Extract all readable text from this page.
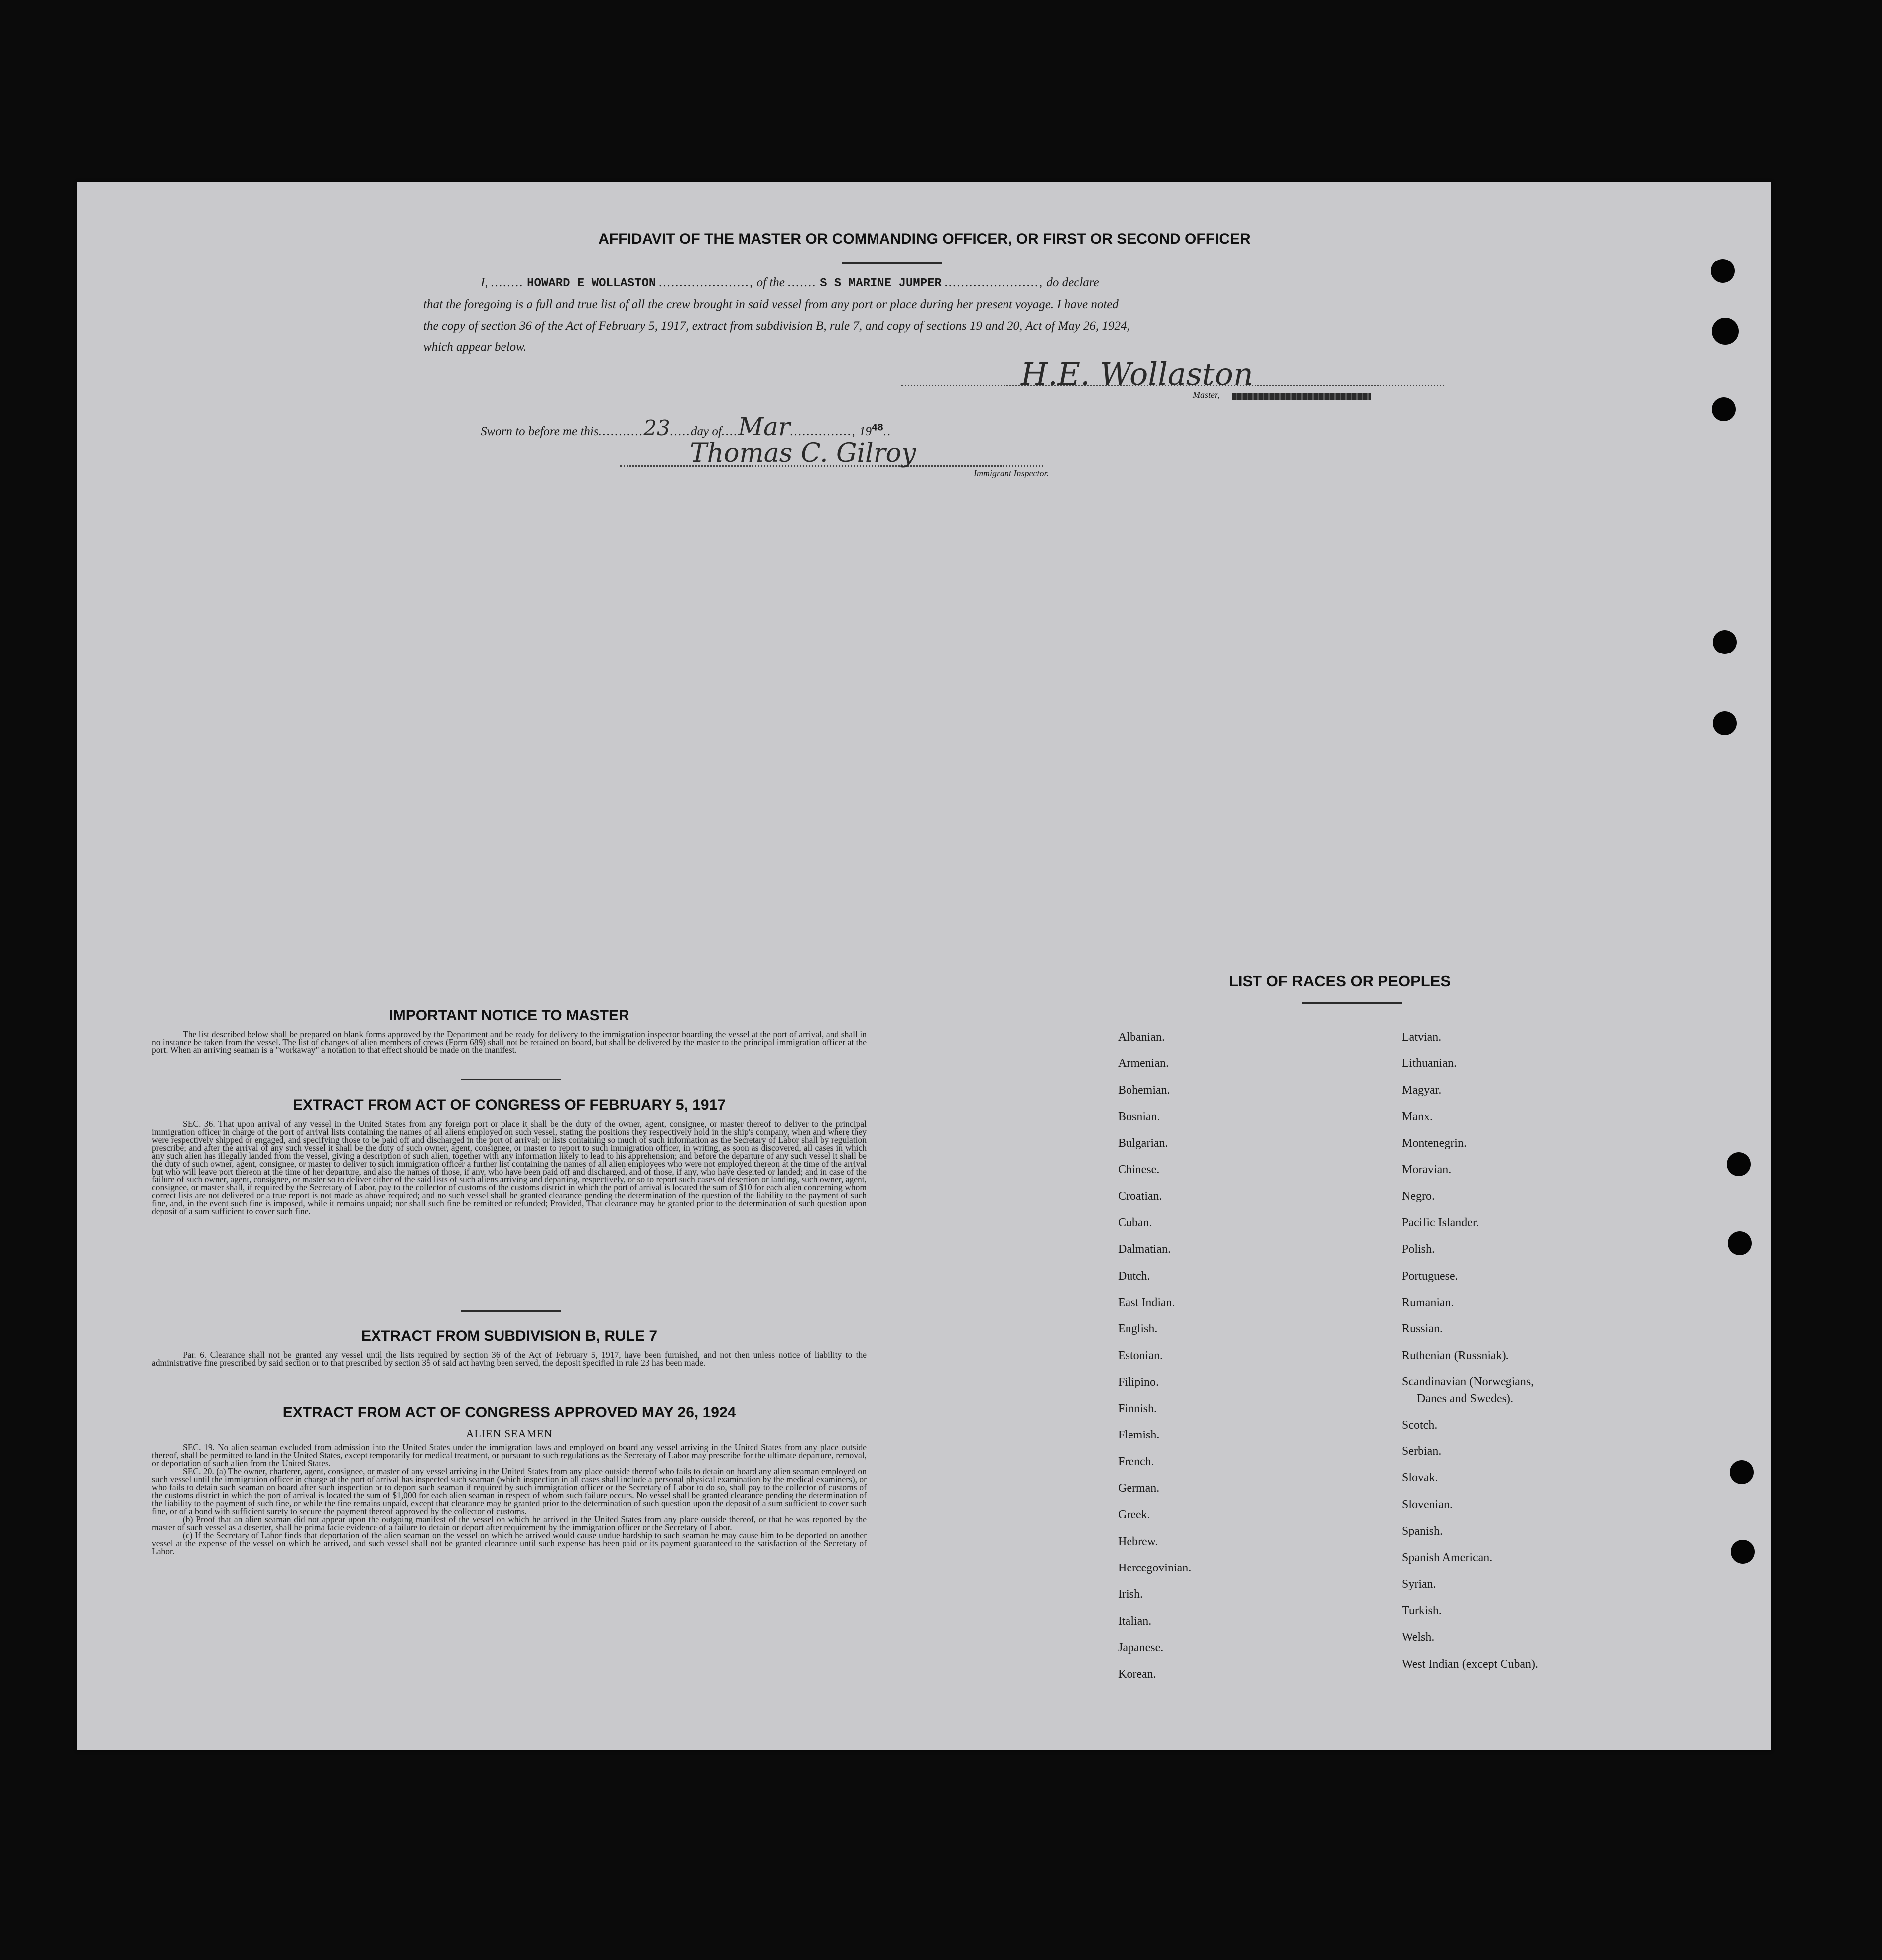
AFFIDAVIT OF THE MASTER OR COMMANDING OFFICER, OR FIRST OR SECOND OFFICER
I, ........ HOWARD E WOLLASTON ......................, of the ....... S S MARINE JUMPER ......................., do declare
that the foregoing is a full and true list of all the crew brought in said vessel from any port or place during her present voyage. I have noted
the copy of section 36 of the Act of February 5, 1917, extract from subdivision B, rule 7, and copy of sections 19 and 20, Act of May 26, 1924,
which appear below.
H.E. Wollaston
Master,
Sworn to before me this...........23.....day of....Mar..............., $19^{48}$..
Thomas C. Gilroy
Immigrant Inspector.
IMPORTANT NOTICE TO MASTER

The list described below shall be prepared on blank forms approved by the Department and be ready for delivery to the immigration inspector boarding the vessel at the port of arrival, and shall in no instance be taken from the vessel. The list of changes of alien members of crews (Form 689) shall not be retained on board, but shall be delivered by the master to the principal immigration officer at the port. When an arriving seaman is a "workaway" a notation to that effect should be made on the manifest.

EXTRACT FROM ACT OF CONGRESS OF FEBRUARY 5, 1917

SEC. 36. That upon arrival of any vessel in the United States from any foreign port or place it shall be the duty of the owner, agent, consignee, or master thereof to deliver to the principal immigration officer in charge of the port of arrival lists containing the names of all aliens employed on such vessel, stating the positions they respectively hold in the ship's company, when and where they were respectively shipped or engaged, and specifying those to be paid off and discharged in the port of arrival; or lists containing so much of such information as the Secretary of Labor shall by regulation prescribe; and after the arrival of any such vessel it shall be the duty of such owner, agent, consignee, or master to report to such immigration officer, in writing, as soon as discovered, all cases in which any such alien has illegally landed from the vessel, giving a description of such alien, together with any information likely to lead to his apprehension; and before the departure of any such vessel it shall be the duty of such owner, agent, consignee, or master to deliver to such immigration officer a further list containing the names of all alien employees who were not employed thereon at the time of the arrival but who will leave port thereon at the time of her departure, and also the names of those, if any, who have been paid off and discharged, and of those, if any, who have deserted or landed; and in case of the failure of such owner, agent, consignee, or master so to deliver either of the said lists of such aliens arriving and departing, respectively, or so to report such cases of desertion or landing, such owner, agent, consignee, or master shall, if required by the Secretary of Labor, pay to the collector of customs of the customs district in which the port of arrival is located the sum of $10 for each alien concerning whom correct lists are not delivered or a true report is not made as above required; and no such vessel shall be granted clearance pending the determination of the question of the liability to the payment of such fine, and, in the event such fine is imposed, while it remains unpaid; nor shall such fine be remitted or refunded; Provided, That clearance may be granted prior to the determination of such question upon deposit of a sum sufficient to cover such fine.

EXTRACT FROM SUBDIVISION B, RULE 7

Par. 6. Clearance shall not be granted any vessel until the lists required by section 36 of the Act of February 5, 1917, have been furnished, and not then unless notice of liability to the administrative fine prescribed by said section or to that prescribed by section 35 of said act having been served, the deposit specified in rule 23 has been made.

EXTRACT FROM ACT OF CONGRESS APPROVED MAY 26, 1924
ALIEN SEAMEN

SEC. 19. No alien seaman excluded from admission into the United States under the immigration laws and employed on board any vessel arriving in the United States from any place outside thereof, shall be permitted to land in the United States, except temporarily for medical treatment, or pursuant to such regulations as the Secretary of Labor may prescribe for the ultimate departure, removal, or deportation of such alien from the United States.

SEC. 20. (a) The owner, charterer, agent, consignee, or master of any vessel arriving in the United States from any place outside thereof who fails to detain on board any alien seaman employed on such vessel until the immigration officer in charge at the port of arrival has inspected such seaman (which inspection in all cases shall include a personal physical examination by the medical examiners), or who fails to detain such seaman on board after such inspection or to deport such seaman if required by such immigration officer or the Secretary of Labor to do so, shall pay to the collector of customs of the customs district in which the port of arrival is located the sum of $1,000 for each alien seaman in respect of whom such failure occurs. No vessel shall be granted clearance pending the determination of the liability to the payment of such fine, or while the fine remains unpaid, except that clearance may be granted prior to the determination of such question upon the deposit of a sum sufficient to cover such fine, or of a bond with sufficient surety to secure the payment thereof approved by the collector of customs.

(b) Proof that an alien seaman did not appear upon the outgoing manifest of the vessel on which he arrived in the United States from any place outside thereof, or that he was reported by the master of such vessel as a deserter, shall be prima facie evidence of a failure to detain or deport after requirement by the immigration officer or the Secretary of Labor.

(c) If the Secretary of Labor finds that deportation of the alien seaman on the vessel on which he arrived would cause undue hardship to such seaman he may cause him to be deported on another vessel at the expense of the vessel on which he arrived, and such vessel shall not be granted clearance until such expense has been paid or its payment guaranteed to the satisfaction of the Secretary of Labor.

LIST OF RACES OR PEOPLES
Albanian.
Armenian.
Bohemian.
Bosnian.
Bulgarian.
Chinese.
Croatian.
Cuban.
Dalmatian.
Dutch.
East Indian.
English.
Estonian.
Filipino.
Finnish.
Flemish.
French.
German.
Greek.
Hebrew.
Hercegovinian.
Irish.
Italian.
Japanese.
Korean.
Latvian.
Lithuanian.
Magyar.
Manx.
Montenegrin.
Moravian.
Negro.
Pacific Islander.
Polish.
Portuguese.
Rumanian.
Russian.
Ruthenian (Russniak).
Scandinavian (Norwegians,
Danes and Swedes).
Scotch.
Serbian.
Slovak.
Slovenian.
Spanish.
Spanish American.
Syrian.
Turkish.
Welsh.
West Indian (except Cuban).
